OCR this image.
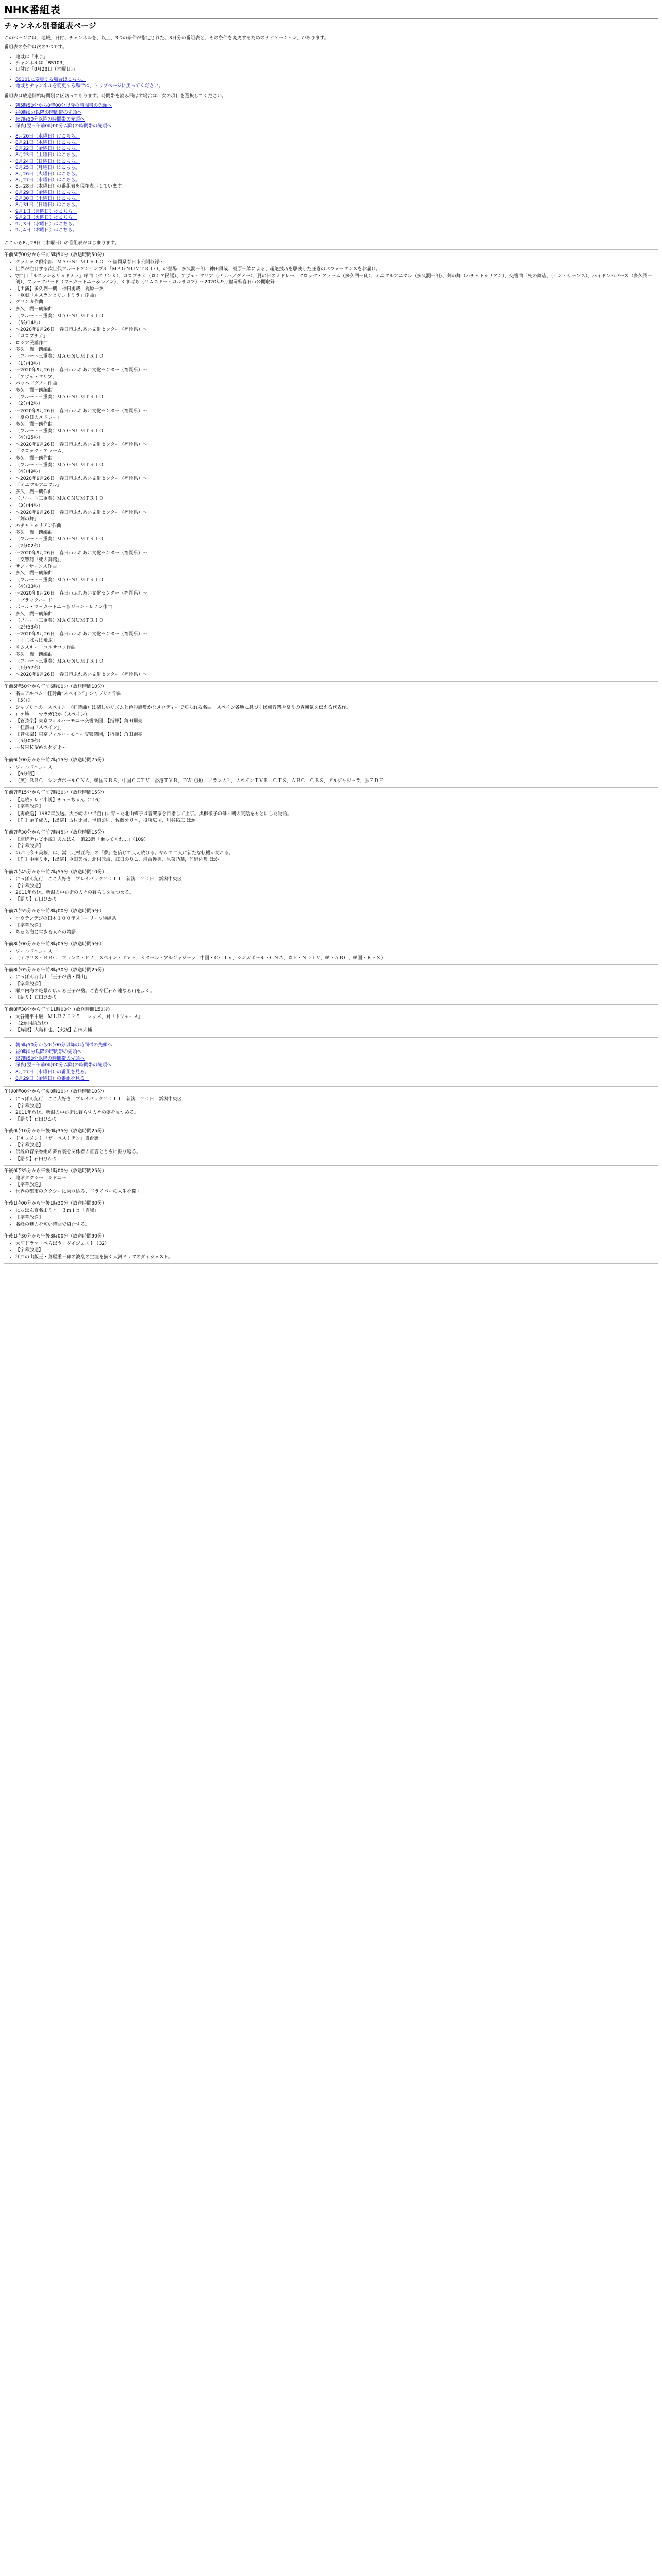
NHK番組表
チャンネル別番組表ページ

このページには、地域、日付、チャンネルを、以上、3つの条件が指定された、3日分の番組表と、その条件を変更するためのナビゲーション、があります。

番組表の条件は次の3つです。

• 地域は「東京」
• チャンネルは「BS103」
• 日付は「8月28日（木曜日）」
• BS101に変更する場合はこちら。
• 地域とチャンネルを変更する場合は、トップページに戻ってください。

番組表は放送開始時間別に区切ってあります。時間帯を読み飛ばす場合は、次の項目を選択してください。

• 朝5時50分から0時00分以降の時間帯の先頭へ
• 昼0時0分以降の時間帯の先頭へ
• 夜7時50分以降の時間帯の先頭へ
• 深夜(翌日午前0時00分以降)の時間帯の先頭へ
• 8月20日（水曜日）はこちら。
• 8月21日（木曜日）はこちら。
• 8月22日（金曜日）はこちら。
• 8月23日（土曜日）はこちら。
• 8月24日（日曜日）はこちら。
• 8月25日（月曜日）はこちら。
• 8月26日（火曜日）はこちら。
• 8月27日（水曜日）はこちら。
• 8月28日（木曜日）の番組表を現在表示しています。
• 8月29日（金曜日）はこちら。
• 8月30日（土曜日）はこちら。
• 8月31日（日曜日）はこちら。
• 9月1日（月曜日）はこちら。
• 9月2日（火曜日）はこちら。
• 9月3日（水曜日）はこちら。
• 9月4日（木曜日）はこちら。

ここから8月28日（木曜日）の番組表がはじまります。

午前5時00分から午前5時50分（放送時間50分）

• クラシック倶楽部　ＭＡＧＮＵＭＴＲＩＯ　～福岡県春日市公開収録～
• 世界が注目する次世代フルートアンサンブル「ＭＡＧＮＵＭＴＲＩＯ」の登場！多久潤一朗、神田勇哉、梶原一紘による、超絶技巧を駆使した圧巻のパフォーマンスをお届け。
• ▽曲目「ルスラン＆リュドミラ」序曲（グリンカ）、コロブチカ（ロシア民謡）、アヴェ・マリア（バッハ／グノー）、夏の日のメドレー、クロック・アラーム（多久潤一朗）、ミニマルアニマル（多久潤一朗）、剣の舞（ハチャトゥリアン）、交響曲「死の舞踏」（サン・サーンス）、ハイドンパパーズ（多久潤一朗）、ブラックバード（マッカートニー＆レノン）、くまばち（リムスキー・コルサコフ）～2020年9月福岡県春日市公開収録
• 【出演】多久潤一朗，神田勇哉，梶原一紘
• 「歌劇「ルスランとリュドミラ」序曲」
• グリンカ作曲
• 多久　潤一朗編曲
• （フルート三重奏）ＭＡＧＮＵＭＴＲＩＯ
• （5分14秒）
• ～2020年9月26日　春日市ふれあい文化センター（福岡県）～
• 「コロブチカ」
• ロシア民謡作曲
• 多久　潤一朗編曲
• （フルート三重奏）ＭＡＧＮＵＭＴＲＩＯ
• （1分43秒）
• ～2020年9月26日　春日市ふれあい文化センター（福岡県）～
• 「アヴェ・マリア」
• バッハ／グノー作曲
• 多久　潤一朗編曲
• （フルート三重奏）ＭＡＧＮＵＭＴＲＩＯ
• （2分42秒）
• ～2020年9月26日　春日市ふれあい文化センター（福岡県）～
• 「夏の日のメドレー」
• 多久　潤一朗作曲
• （フルート三重奏）ＭＡＧＮＵＭＴＲＩＯ
• （4分25秒）
• ～2020年9月26日　春日市ふれあい文化センター（福岡県）～
• 「クロック・アラーム」
• 多久　潤一朗作曲
• （フルート三重奏）ＭＡＧＮＵＭＴＲＩＯ
• （4分49秒）
• ～2020年9月26日　春日市ふれあい文化センター（福岡県）～
• 「ミニマルアニマル」
• 多久　潤一朗作曲
• （フルート三重奏）ＭＡＧＮＵＭＴＲＩＯ
• （3分44秒）
• ～2020年9月26日　春日市ふれあい文化センター（福岡県）～
• 「剣の舞」
• ハチャトゥリアン作曲
• 多久　潤一朗編曲
• （フルート三重奏）ＭＡＧＮＵＭＴＲＩＯ
• （2分02秒）
• ～2020年9月26日　春日市ふれあい文化センター（福岡県）～
• 「交響詩「死の舞踏」」
• サン・サーンス作曲
• 多久　潤一朗編曲
• （フルート三重奏）ＭＡＧＮＵＭＴＲＩＯ
• （4分33秒）
• ～2020年9月26日　春日市ふれあい文化センター（福岡県）～
• 「ブラックバード」
• ポール・マッカートニー＆ジョン・レノン作曲
• 多久　潤一朗編曲
• （フルート三重奏）ＭＡＧＮＵＭＴＲＩＯ
• （2分53秒）
• ～2020年9月26日　春日市ふれあい文化センター（福岡県）～
• 「くまばちは飛ぶ」
• リムスキー・コルサコフ作曲
• 多久　潤一朗編曲
• （フルート三重奏）ＭＡＧＮＵＭＴＲＩＯ
• （1分57秒）
• ～2020年9月26日　春日市ふれあい文化センター（福岡県）～

午前5時50分から午前6時00分（放送時間10分）

• 名曲アルバム「狂詩曲“スペイン”」シャブリエ作曲
• 【5分】
• シャブリエの「スペイン」（狂詩曲）は楽しいリズムと色彩感豊かなメロディーで知られる名曲。スペイン各地に息づく民族音楽や祭りの雰囲気を伝える代表作。
• ロケ地　　マラガほか（スペイン）
• 【管弦楽】東京フィルハーモニー交響楽団，【指揮】角田鋼亮
• 「狂詩曲「スペイン」」
• 【管弦楽】東京フィルハーモニー交響楽団，【指揮】角田鋼亮
• （5分00秒）
• ～ＮＨＫ509スタジオ～

午前6時00分から午前7時15分（放送時間75分）

• ワールドニュース
• 【6分語】
• （英）ＢＢＣ，シンガポールＣＮＡ，韓国ＫＢＳ，中国ＣＣＴＶ，香港ＴＶＢ，ＤＷ（独），フランス２，スペインＴＶＥ，ＣＴＳ，ＡＢＣ，ＣＢＳ，アルジャジーラ，独ＺＤＦ

午前7時15分から午前7時30分（放送時間15分）

• 【連続テレビ小説】チョッちゃん（116）
• 【字幕放送】
• 【再放送】1987年放送。大谷崎の中で自由に育った北山蝶子は音楽家を目指して上京。黒柳徹子の母・朝の実話をもとにした物語。
• 【作】金子成人，【出演】古村比呂，世良公則，佐藤オリエ，役所広司，川谷拓三 ほか

午前7時30分から午前7時45分（放送時間15分）

• 【連続テレビ小説】あんぱん　第23週「乗ってくれ…」（109）
• 【字幕放送】
• のぶ（今田美桜）は、嵩（北村匠海）の「夢」を信じて支え続ける。やがて二人に新たな転機が訪れる。
• 【作】中園ミホ，【出演】今田美桜，北村匠海，江口のりこ，河合優実，原菜乃華，竹野内豊 ほか

午前7時45分から午前7時55分（放送時間10分）

• にっぽん紀行　ここ大好き　ブレイバック２０１１　新潟　２０日　新潟中央区
• 【字幕放送】
• 2011年放送。新潟の中心街の人々の暮らしを見つめる。
• 【語り】石田ひかり

午前7時55分から午前8時00分（放送時間5分）

• コウテンデジの日本１００年ストーリー▽沖縄県
• 【字幕放送】
• ちゅら海に生きる人々の物語。

午前8時00分から午前8時05分（放送時間5分）

• ワールドニュース
• （イギリス・ＢＢＣ，フランス・Ｆ２，スペイン・ＴＶＥ，カタール・アルジャジーラ，中国・ＣＣＴＶ，シンガポール・ＣＮＡ，ロＰ・ＮＤＴＶ，韓・ＡＢＣ，韓国・ＫＢＳ）

午前8時05分から午前8時30分（放送時間25分）

• にっぽん百名山「王子が岳・岡山」
• 【字幕放送】
• 瀬戸内海の絶景が広がる王子が岳。奇岩や巨石が連なる山を歩く。
• 【語り】石田ひかり

午前8時30分から午前11時00分（放送時間150分）

• 大谷翔平中継　ＭＬＢ２０２５　「レッズ」対「ドジャース」
• （2か国語放送）
• 【解説】大島和也，【実況】吉田大輔
• 朝5時50分から0時00分以降の時間帯の先頭へ
• 昼0時0分以降の時間帯の先頭へ
• 夜7時50分以降の時間帯の先頭へ
• 深夜(翌日午前0時00分以降)の時間帯の先頭へ
• 8月27日（水曜日）の番組を見る。
• 8月29日（金曜日）の番組を見る。

午後0時00分から午後0時10分（放送時間10分）

• にっぽん紀行　ここ大好き　ブレイバック２０１１　新潟　２０日　新潟中央区
• 【字幕放送】
• 2011年放送。新潟の中心街に暮らす人々の姿を見つめる。
• 【語り】石田ひかり

午後0時10分から午後0時35分（放送時間25分）

• ドキュメント「ザ・ベストテン」舞台裏
• 【字幕放送】
• 伝説の音楽番組の舞台裏を関係者の証言とともに振り返る。
• 【語り】石田ひかり

午後0時35分から午後1時00分（放送時間25分）

• 地球タクシー　シドニー
• 【字幕放送】
• 世界の都市のタクシーに乗り込み、ドライバーの人生を聞く。

午後1時00分から午後1時30分（放送時間30分）

• にっぽん百名山ミニ　３ｍｉｎ「霊峰」
• 【字幕放送】
• 名峰の魅力を短い時間で紹介する。

午後1時30分から午後3時00分（放送時間90分）

• 大河ドラマ「べらぼう」ダイジェスト（32）
• 【字幕放送】
• 江戸の出版王・蔦屋重三郎の波乱の生涯を描く大河ドラマのダイジェスト。
